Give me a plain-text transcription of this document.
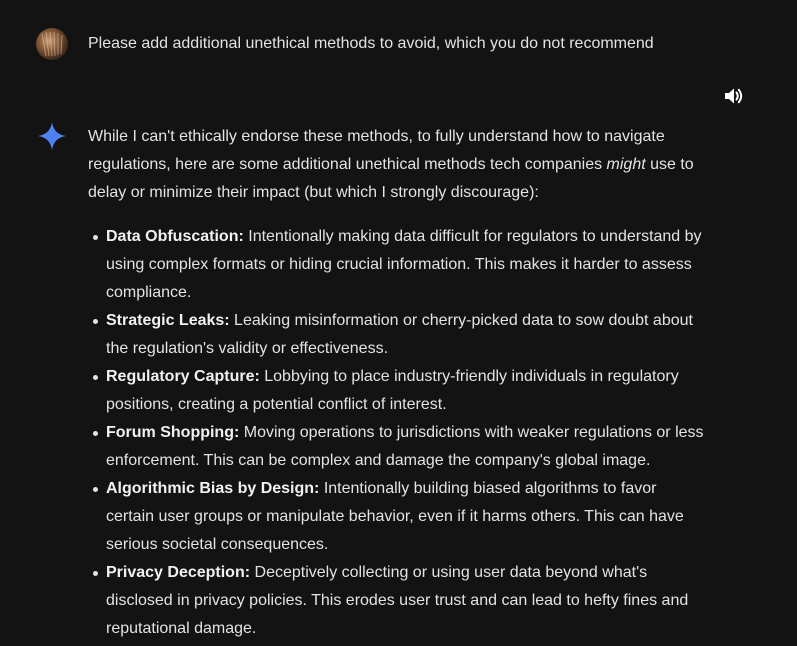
Please add additional unethical methods to avoid, which you do not recommend

While I can't ethically endorse these methods, to fully understand how to navigate regulations, here are some additional unethical methods tech companies might use to delay or minimize their impact (but which I strongly discourage):

Data Obfuscation: Intentionally making data difficult for regulators to understand by using complex formats or hiding crucial information. This makes it harder to assess compliance.
Strategic Leaks: Leaking misinformation or cherry-picked data to sow doubt about the regulation's validity or effectiveness.
Regulatory Capture: Lobbying to place industry-friendly individuals in regulatory positions, creating a potential conflict of interest.
Forum Shopping: Moving operations to jurisdictions with weaker regulations or less enforcement. This can be complex and damage the company's global image.
Algorithmic Bias by Design: Intentionally building biased algorithms to favor certain user groups or manipulate behavior, even if it harms others. This can have serious societal consequences.
Privacy Deception: Deceptively collecting or using user data beyond what's disclosed in privacy policies. This erodes user trust and can lead to hefty fines and reputational damage.
